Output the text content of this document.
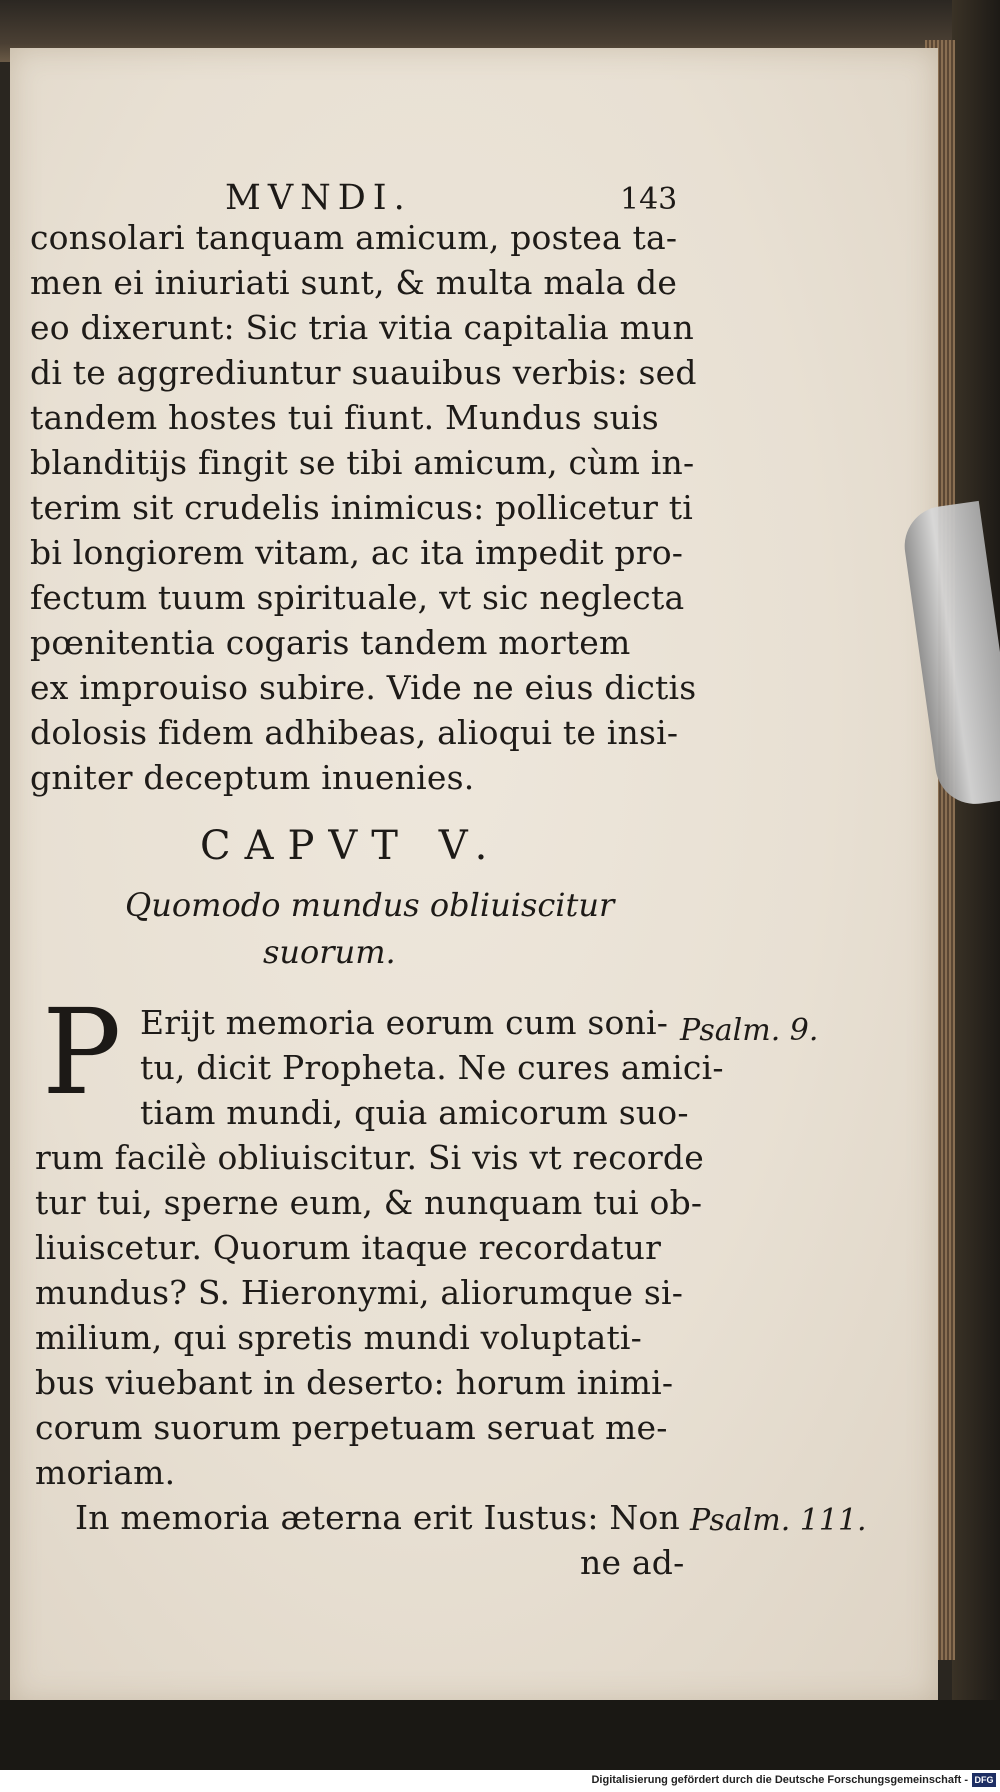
MVNDI.	143
consolari tanquam amicum, postea ta-
men ei iniuriati sunt, & multa mala de
eo dixerunt: Sic tria vitia capitalia mun
di te aggrediuntur suauibus verbis: sed
tandem hostes tui fiunt. Mundus suis
blanditijs fingit se tibi amicum, cùm in-
terim sit crudelis inimicus: pollicetur ti
bi longiorem vitam, ac ita impedit pro-
fectum tuum spirituale, vt sic neglecta
pœnitentia cogaris tandem mortem
ex improuiso subire. Vide ne eius dictis
dolosis fidem adhibeas, alioqui te insi-
gniter deceptum inuenies.
CAPVT V.
Quomodo mundus obliuiscitur
suorum.
P Erijt memoria eorum cum soni-
tu, dicit Propheta. Ne cures amici-
tiam mundi, quia amicorum suo-
rum facilè obliuiscitur. Si vis vt recorde
tur tui, sperne eum, & nunquam tui ob-
liuiscetur. Quorum itaque recordatur
mundus? S. Hieronymi, aliorumque si-
milium, qui spretis mundi voluptati-
bus viuebant in deserto: horum inimi-
corum suorum perpetuam seruat me-
moriam.
In memoria æterna erit Iustus: Non
ne ad-
Psalm. 9.
Psalm. 111.
Digitalisierung gefördert durch die Deutsche Forschungsgemeinschaft - DFG
